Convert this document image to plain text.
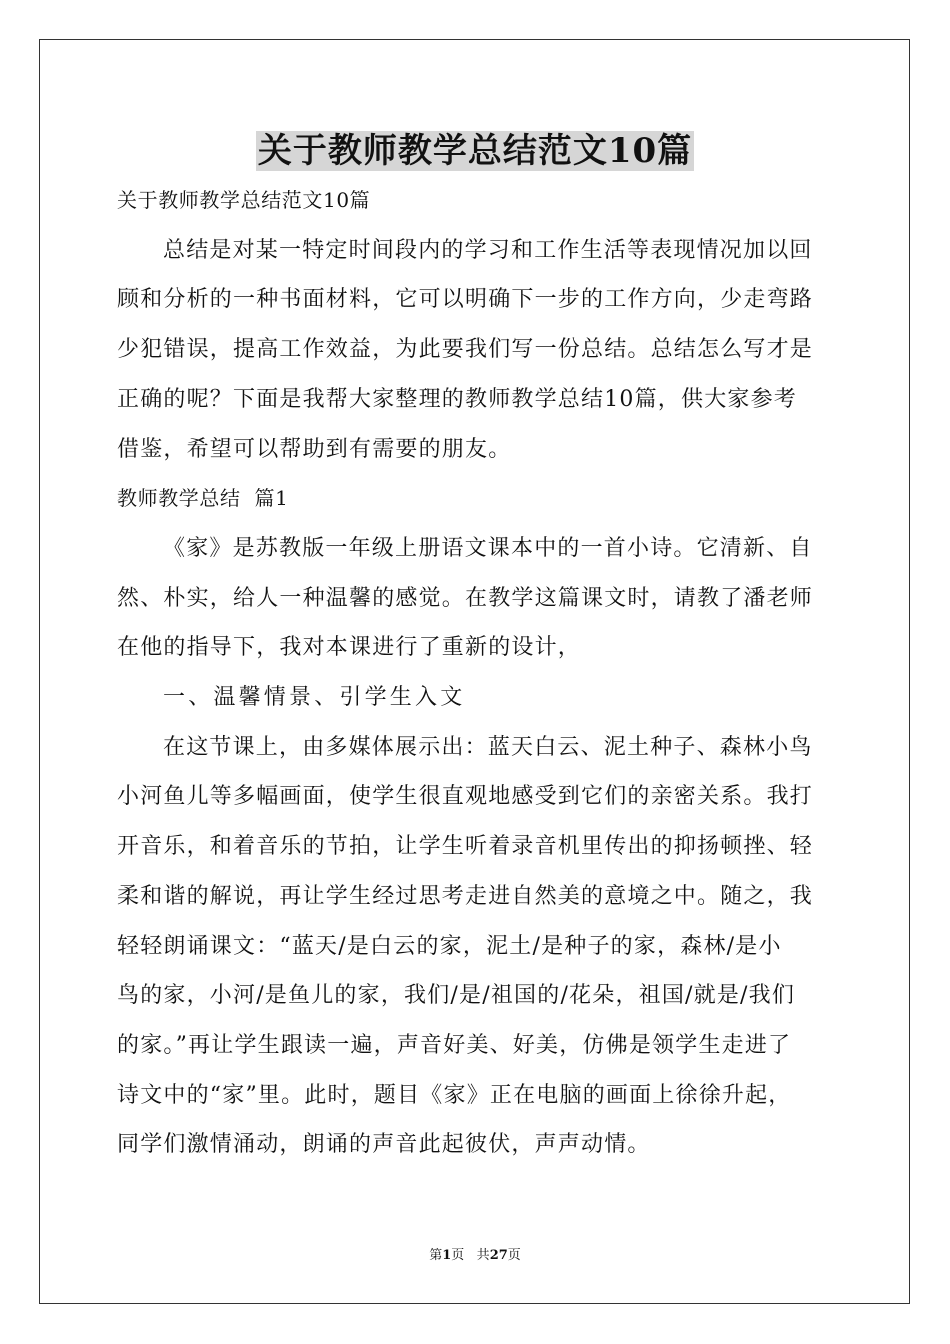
关于教师教学总结范文10篇

关于教师教学总结范文10篇

总结是对某一特定时间段内的学习和工作生活等表现情况加以回

顾和分析的一种书面材料，它可以明确下一步的工作方向，少走弯路

少犯错误，提高工作效益，为此要我们写一份总结。总结怎么写才是

正确的呢？下面是我帮大家整理的教师教学总结10篇，供大家参考

借鉴，希望可以帮助到有需要的朋友。

教师教学总结  篇1

《家》是苏教版一年级上册语文课本中的一首小诗。它清新、自

然、朴实，给人一种温馨的感觉。在教学这篇课文时，请教了潘老师

在他的指导下，我对本课进行了重新的设计，

一、温馨情景、引学生入文

在这节课上，由多媒体展示出：蓝天白云、泥土种子、森林小鸟

小河鱼儿等多幅画面，使学生很直观地感受到它们的亲密关系。我打

开音乐，和着音乐的节拍，让学生听着录音机里传出的抑扬顿挫、轻

柔和谐的解说，再让学生经过思考走进自然美的意境之中。随之，我

轻轻朗诵课文：“蓝天/是白云的家，泥土/是种子的家，森林/是小

鸟的家，小河/是鱼儿的家，我们/是/祖国的/花朵，祖国/就是/我们

的家。”再让学生跟读一遍，声音好美、好美，仿佛是领学生走进了

诗文中的“家”里。此时，题目《家》正在电脑的画面上徐徐升起，

同学们激情涌动，朗诵的声音此起彼伏，声声动情。

第1页 共27页
